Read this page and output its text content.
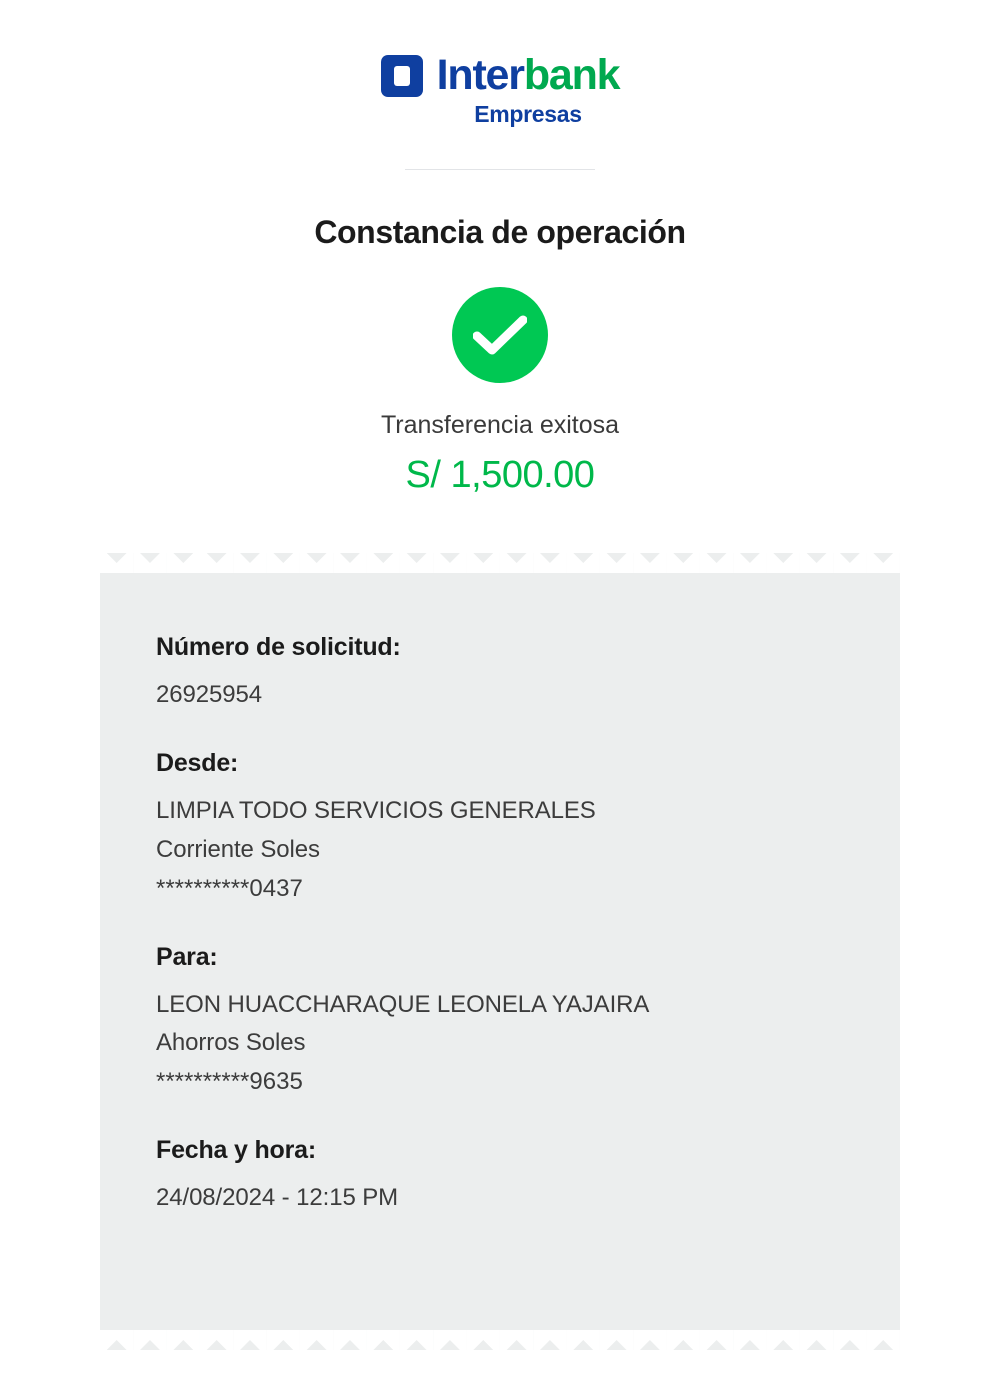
Interbank
Empresas
Constancia de operación
Transferencia exitosa
S/ 1,500.00
Número de solicitud:
26925954
Desde:
LIMPIA TODO SERVICIOS GENERALES
Corriente Soles
**********0437
Para:
LEON HUACCHARAQUE LEONELA YAJAIRA
Ahorros Soles
**********9635
Fecha y hora:
24/08/2024 - 12:15 PM
